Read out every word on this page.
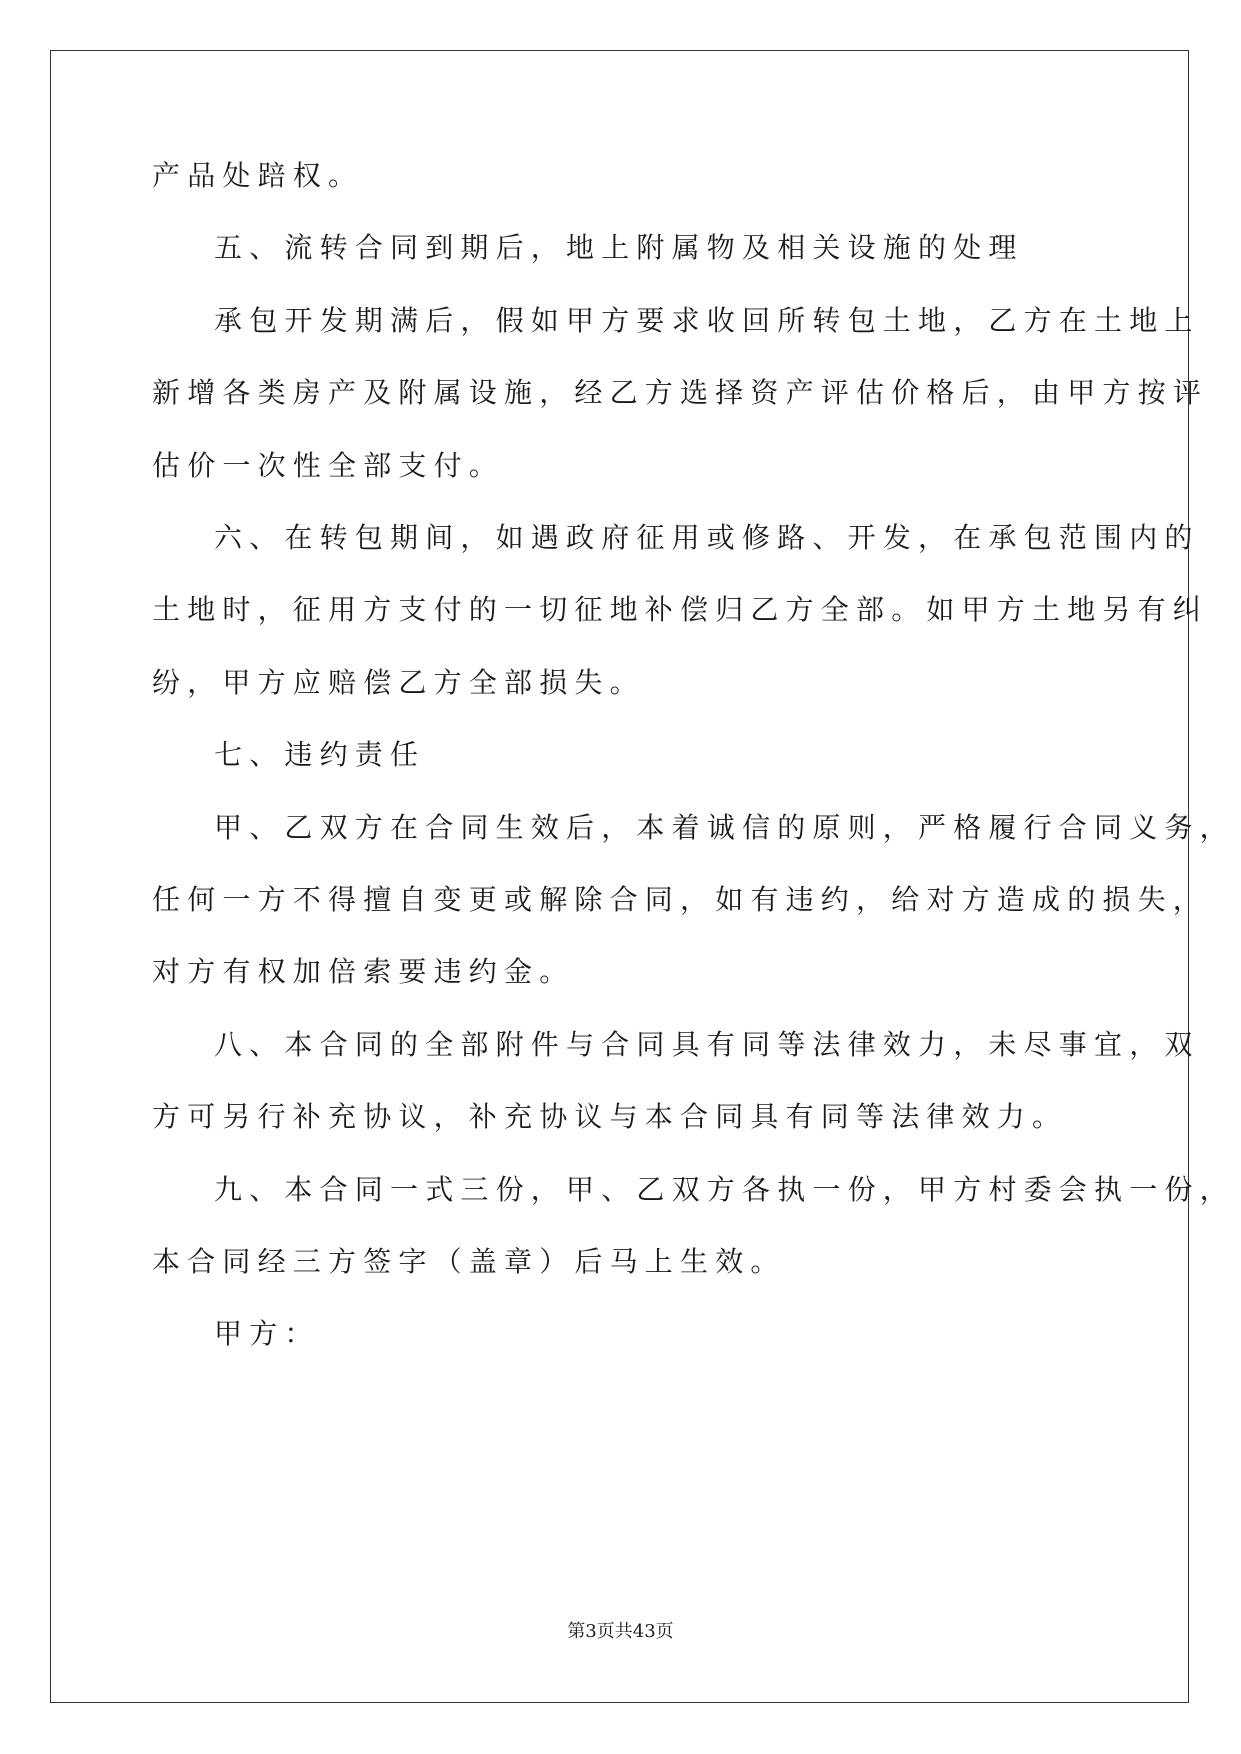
产品处踣权。
五、流转合同到期后，地上附属物及相关设施的处理
承包开发期满后，假如甲方要求收回所转包土地，乙方在土地上
新增各类房产及附属设施，经乙方选择资产评估价格后，由甲方按评
估价一次性全部支付。
六、在转包期间，如遇政府征用或修路、开发，在承包范围内的
土地时，征用方支付的一切征地补偿归乙方全部。如甲方土地另有纠
纷，甲方应赔偿乙方全部损失。
七、违约责任
甲、乙双方在合同生效后，本着诚信的原则，严格履行合同义务，
任何一方不得擅自变更或解除合同，如有违约，给对方造成的损失，
对方有权加倍索要违约金。
八、本合同的全部附件与合同具有同等法律效力，未尽事宜，双
方可另行补充协议，补充协议与本合同具有同等法律效力。
九、本合同一式三份，甲、乙双方各执一份，甲方村委会执一份，
本合同经三方签字（盖章）后马上生效。
甲方：
第3页共43页
